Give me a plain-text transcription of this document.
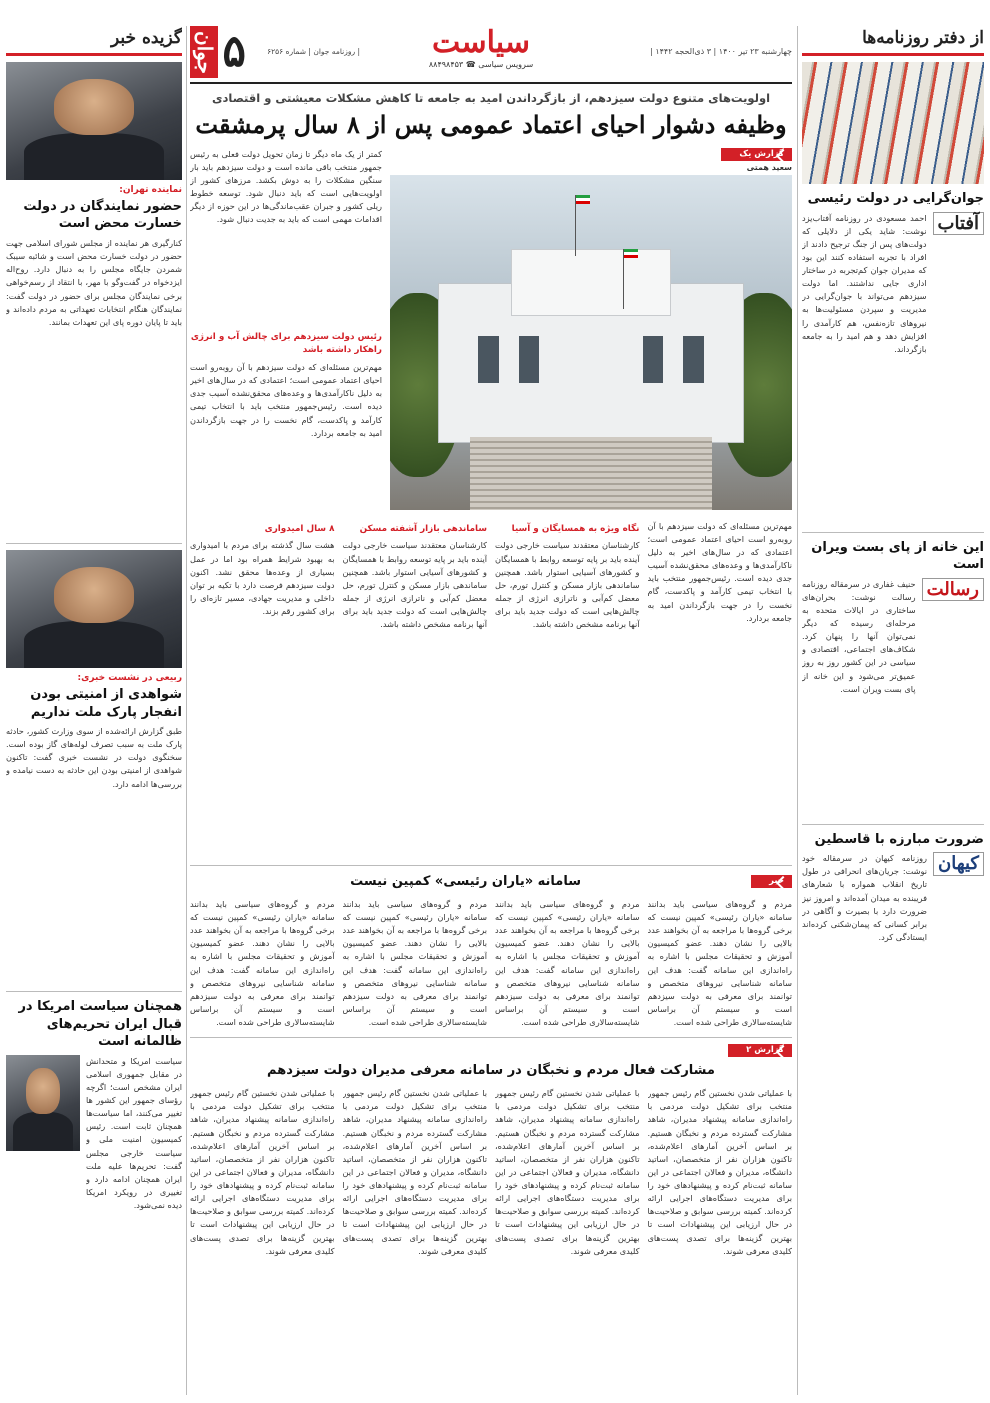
از دفتر روزنامه‌ها
جوان‌گرایی در دولت رئیسی
آفتاب
احمد مسعودی در روزنامه آفتاب‌یزد نوشت: شاید یکی از دلایلی که دولت‌های پس از جنگ ترجیح دادند از افراد با تجربه استفاده کنند این بود که مدیران جوان کم‌تجربه در ساختار اداری جایی نداشتند. اما دولت سیزدهم می‌تواند با جوان‌گرایی در مدیریت و سپردن مسئولیت‌ها به نیروهای تازه‌نفس، هم کارآمدی را افزایش دهد و هم امید را به جامعه بازگرداند.
این خانه از پای بست ویران است
رسالت
حنیف غفاری در سرمقاله روزنامه رسالت نوشت: بحران‌های ساختاری در ایالات متحده به مرحله‌ای رسیده که دیگر نمی‌توان آنها را پنهان کرد. شکاف‌های اجتماعی، اقتصادی و سیاسی در این کشور روز به روز عمیق‌تر می‌شود و این خانه از پای بست ویران است.
ضرورت مبارزه با قاسطین
کیهان
روزنامه کیهان در سرمقاله خود نوشت: جریان‌های انحرافی در طول تاریخ انقلاب همواره با شعارهای فریبنده به میدان آمده‌اند و امروز نیز ضرورت دارد با بصیرت و آگاهی در برابر کسانی که پیمان‌شکنی کرده‌اند ایستادگی کرد.
گزیده خبر
نماینده تهران:
حضور نمایندگان در دولت خسارت محض است
کنارگیری هر نماینده از مجلس شورای اسلامی جهت حضور در دولت خسارت محض است و شائبه سیبک شمردن جایگاه مجلس را به دنبال دارد. روح‌اله ایزدخواه در گفت‌وگو با مهر، با انتقاد از رسم‌خواهی برخی نمایندگان مجلس برای حضور در دولت گفت: نمایندگان هنگام انتخابات تعهداتی به مردم داده‌اند و باید تا پایان دوره پای این تعهدات بمانند.
ربیعی در نشست خبری:
شواهدی از امنیتی بودن انفجار پارک ملت نداریم
طبق گزارش ارائه‌شده از سوی وزارت کشور، حادثه پارک ملت به سبب تصرف لوله‌های گاز بوده است. سخنگوی دولت در نشست خبری گفت: تاکنون شواهدی از امنیتی بودن این حادثه به دست نیامده و بررسی‌ها ادامه دارد.
همچنان سیاست امریکا در قبال ایران تحریم‌های ظالمانه است
سیاست امریکا و متحدانش در مقابل جمهوری اسلامی ایران مشخص است؛ اگرچه رؤسای جمهور این کشور ها تغییر می‌کنند، اما سیاست‌ها همچنان ثابت است. رئیس کمیسیون امنیت ملی و سیاست خارجی مجلس گفت: تحریم‌ها علیه ملت ایران همچنان ادامه دارد و تغییری در رویکرد امریکا دیده نمی‌شود.
چهارشنبه ۲۳ تیر ۱۴۰۰ | ۳ ذی‌الحجه ۱۴۴۲ |
سیاست
سرویس سیاسی ☎ ۸۸۴۹۸۴۵۳
جوان ۵	| روزنامه جوان | شماره ۶۲۵۶
اولویت‌های متنوع دولت سیزدهم، از بازگرداندن امید به جامعه تا کاهش مشکلات معیشتی و اقتصادی
وظیفه دشوار احیای اعتماد عمومی پس از ۸ سال پرمشقت
گزارش یک
سعید همتی
کمتر از یک ماه دیگر تا زمان تحویل دولت فعلی به رئیس جمهور منتخب باقی مانده است و دولت سیزدهم باید بار سنگین مشکلات را به دوش بکشد. مرزهای کشور از اولویت‌هایی است که باید دنبال شود. توسعه خطوط ریلی کشور و جبران عقب‌ماندگی‌ها در این حوزه از دیگر اقدامات مهمی است که باید به جدیت دنبال شود.
رئیس دولت سیزدهم برای چالش آب و انرژی راهکار داشته باشد
مهم‌ترین مسئله‌ای که دولت سیزدهم با آن روبه‌رو است احیای اعتماد عمومی است؛ اعتمادی که در سال‌های اخیر به دلیل ناکارآمدی‌ها و وعده‌های محقق‌نشده آسیب جدی دیده است. رئیس‌جمهور منتخب باید با انتخاب تیمی کارآمد و پاکدست، گام نخست را در جهت بازگرداندن امید به جامعه بردارد.
مهم‌ترین مسئله‌ای که دولت سیزدهم با آن روبه‌رو است احیای اعتماد عمومی است؛ اعتمادی که در سال‌های اخیر به دلیل ناکارآمدی‌ها و وعده‌های محقق‌نشده آسیب جدی دیده است. رئیس‌جمهور منتخب باید با انتخاب تیمی کارآمد و پاکدست، گام نخست را در جهت بازگرداندن امید به جامعه بردارد.
نگاه ویژه به همسایگان و آسیا
کارشناسان معتقدند سیاست خارجی دولت آینده باید بر پایه توسعه روابط با همسایگان و کشورهای آسیایی استوار باشد. همچنین ساماندهی بازار مسکن و کنترل تورم، حل معضل کم‌آبی و ناترازی انرژی از جمله چالش‌هایی است که دولت جدید باید برای آنها برنامه مشخص داشته باشد.
ساماندهی بازار آشفته مسکن
کارشناسان معتقدند سیاست خارجی دولت آینده باید بر پایه توسعه روابط با همسایگان و کشورهای آسیایی استوار باشد. همچنین ساماندهی بازار مسکن و کنترل تورم، حل معضل کم‌آبی و ناترازی انرژی از جمله چالش‌هایی است که دولت جدید باید برای آنها برنامه مشخص داشته باشد.
۸ سال امیدواری
هشت سال گذشته برای مردم با امیدواری به بهبود شرایط همراه بود اما در عمل بسیاری از وعده‌ها محقق نشد. اکنون دولت سیزدهم فرصت دارد با تکیه بر توان داخلی و مدیریت جهادی، مسیر تازه‌ای را برای کشور رقم بزند.
خبر
سامانه «یاران رئیسی» کمپین نیست
مرد‌م و گروه‌های سیاسی باید بدانند سامانه «یاران رئیسی» کمپین نیست که برخی گروه‌ها با مراجعه به آن بخواهند عدد بالایی را نشان دهند. عضو کمیسیون آموزش و تحقیقات مجلس با اشاره به راه‌اندازی این سامانه گفت: هدف این سامانه شناسایی نیروهای متخصص و توانمند برای معرفی به دولت سیزدهم است و سیستم آن براساس شایسته‌سالاری طراحی شده است.
مرد‌م و گروه‌های سیاسی باید بدانند سامانه «یاران رئیسی» کمپین نیست که برخی گروه‌ها با مراجعه به آن بخواهند عدد بالایی را نشان دهند. عضو کمیسیون آموزش و تحقیقات مجلس با اشاره به راه‌اندازی این سامانه گفت: هدف این سامانه شناسایی نیروهای متخصص و توانمند برای معرفی به دولت سیزدهم است و سیستم آن براساس شایسته‌سالاری طراحی شده است.
مرد‌م و گروه‌های سیاسی باید بدانند سامانه «یاران رئیسی» کمپین نیست که برخی گروه‌ها با مراجعه به آن بخواهند عدد بالایی را نشان دهند. عضو کمیسیون آموزش و تحقیقات مجلس با اشاره به راه‌اندازی این سامانه گفت: هدف این سامانه شناسایی نیروهای متخصص و توانمند برای معرفی به دولت سیزدهم است و سیستم آن براساس شایسته‌سالاری طراحی شده است.
مرد‌م و گروه‌های سیاسی باید بدانند سامانه «یاران رئیسی» کمپین نیست که برخی گروه‌ها با مراجعه به آن بخواهند عدد بالایی را نشان دهند. عضو کمیسیون آموزش و تحقیقات مجلس با اشاره به راه‌اندازی این سامانه گفت: هدف این سامانه شناسایی نیروهای متخصص و توانمند برای معرفی به دولت سیزدهم است و سیستم آن براساس شایسته‌سالاری طراحی شده است.
گزارش ۲
مشارکت فعال مردم و نخبگان در سامانه معرفی مدیران دولت سیزدهم
با عملیاتی شدن نخستین گام رئیس جمهور منتخب برای تشکیل دولت مردمی با راه‌اندازی سامانه پیشنهاد مدیران، شاهد مشارکت گسترده مردم و نخبگان هستیم. بر اساس آخرین آمارهای اعلام‌شده، تاکنون هزاران نفر از متخصصان، اساتید دانشگاه، مدیران و فعالان اجتماعی در این سامانه ثبت‌نام کرده و پیشنهادهای خود را برای مدیریت دستگاه‌های اجرایی ارائه کرده‌اند. کمیته بررسی سوابق و صلاحیت‌ها در حال ارزیابی این پیشنهادات است تا بهترین گزینه‌ها برای تصدی پست‌های کلیدی معرفی شوند.
با عملیاتی شدن نخستین گام رئیس جمهور منتخب برای تشکیل دولت مردمی با راه‌اندازی سامانه پیشنهاد مدیران، شاهد مشارکت گسترده مردم و نخبگان هستیم. بر اساس آخرین آمارهای اعلام‌شده، تاکنون هزاران نفر از متخصصان، اساتید دانشگاه، مدیران و فعالان اجتماعی در این سامانه ثبت‌نام کرده و پیشنهادهای خود را برای مدیریت دستگاه‌های اجرایی ارائه کرده‌اند. کمیته بررسی سوابق و صلاحیت‌ها در حال ارزیابی این پیشنهادات است تا بهترین گزینه‌ها برای تصدی پست‌های کلیدی معرفی شوند.
با عملیاتی شدن نخستین گام رئیس جمهور منتخب برای تشکیل دولت مردمی با راه‌اندازی سامانه پیشنهاد مدیران، شاهد مشارکت گسترده مردم و نخبگان هستیم. بر اساس آخرین آمارهای اعلام‌شده، تاکنون هزاران نفر از متخصصان، اساتید دانشگاه، مدیران و فعالان اجتماعی در این سامانه ثبت‌نام کرده و پیشنهادهای خود را برای مدیریت دستگاه‌های اجرایی ارائه کرده‌اند. کمیته بررسی سوابق و صلاحیت‌ها در حال ارزیابی این پیشنهادات است تا بهترین گزینه‌ها برای تصدی پست‌های کلیدی معرفی شوند.
با عملیاتی شدن نخستین گام رئیس جمهور منتخب برای تشکیل دولت مردمی با راه‌اندازی سامانه پیشنهاد مدیران، شاهد مشارکت گسترده مردم و نخبگان هستیم. بر اساس آخرین آمارهای اعلام‌شده، تاکنون هزاران نفر از متخصصان، اساتید دانشگاه، مدیران و فعالان اجتماعی در این سامانه ثبت‌نام کرده و پیشنهادهای خود را برای مدیریت دستگاه‌های اجرایی ارائه کرده‌اند. کمیته بررسی سوابق و صلاحیت‌ها در حال ارزیابی این پیشنهادات است تا بهترین گزینه‌ها برای تصدی پست‌های کلیدی معرفی شوند.
